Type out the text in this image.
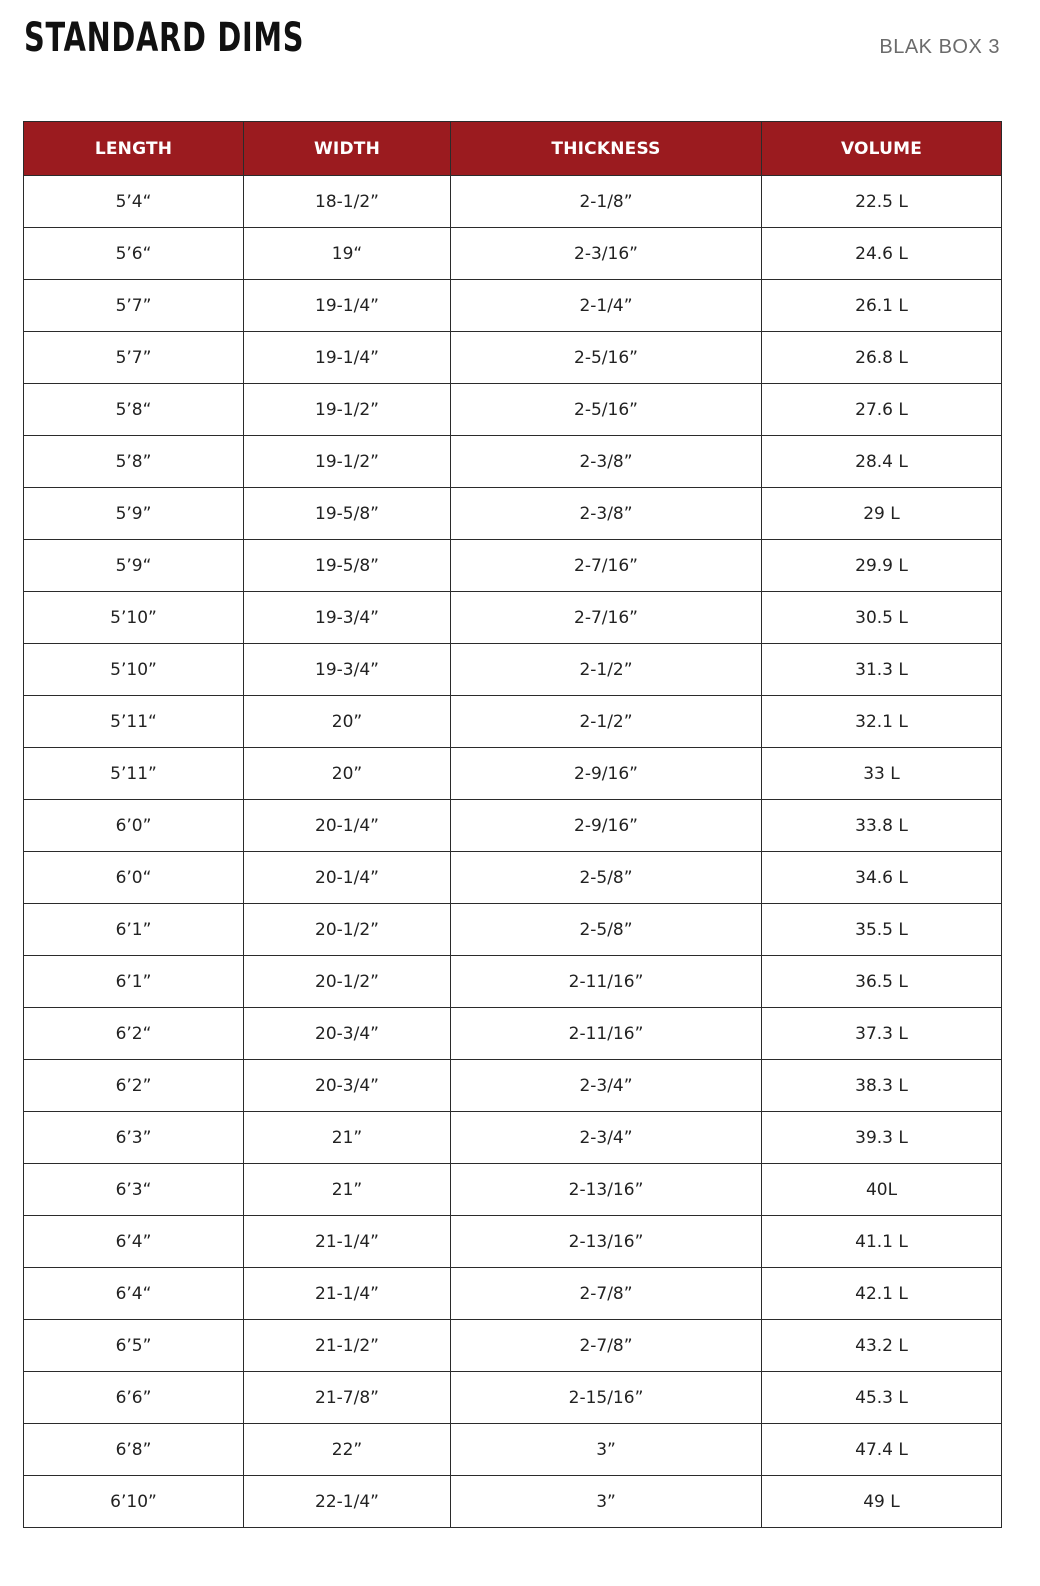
STANDARD DIMS	BLAK BOX 3
LENGTH	WIDTH	THICKNESS	VOLUME
5’4“	18-1/2”	2-1/8”	22.5 L
5’6“	19“	2-3/16”	24.6 L
5’7”	19-1/4”	2-1/4”	26.1 L
5’7”	19-1/4”	2-5/16”	26.8 L
5’8“	19-1/2”	2-5/16”	27.6 L
5’8”	19-1/2”	2-3/8”	28.4 L
5’9”	19-5/8”	2-3/8”	29 L
5’9“	19-5/8”	2-7/16”	29.9 L
5’10”	19-3/4”	2-7/16”	30.5 L
5’10”	19-3/4”	2-1/2”	31.3 L
5’11“	20”	2-1/2”	32.1 L
5’11”	20”	2-9/16”	33 L
6’0”	20-1/4”	2-9/16”	33.8 L
6’0“	20-1/4”	2-5/8”	34.6 L
6’1”	20-1/2”	2-5/8”	35.5 L
6’1”	20-1/2”	2-11/16”	36.5 L
6’2“	20-3/4”	2-11/16”	37.3 L
6’2”	20-3/4”	2-3/4”	38.3 L
6’3”	21”	2-3/4”	39.3 L
6’3“	21”	2-13/16”	40L
6’4”	21-1/4”	2-13/16”	41.1 L
6’4“	21-1/4”	2-7/8”	42.1 L
6’5”	21-1/2”	2-7/8”	43.2 L
6’6”	21-7/8”	2-15/16”	45.3 L
6’8”	22”	3”	47.4 L
6’10”	22-1/4”	3”	49 L
